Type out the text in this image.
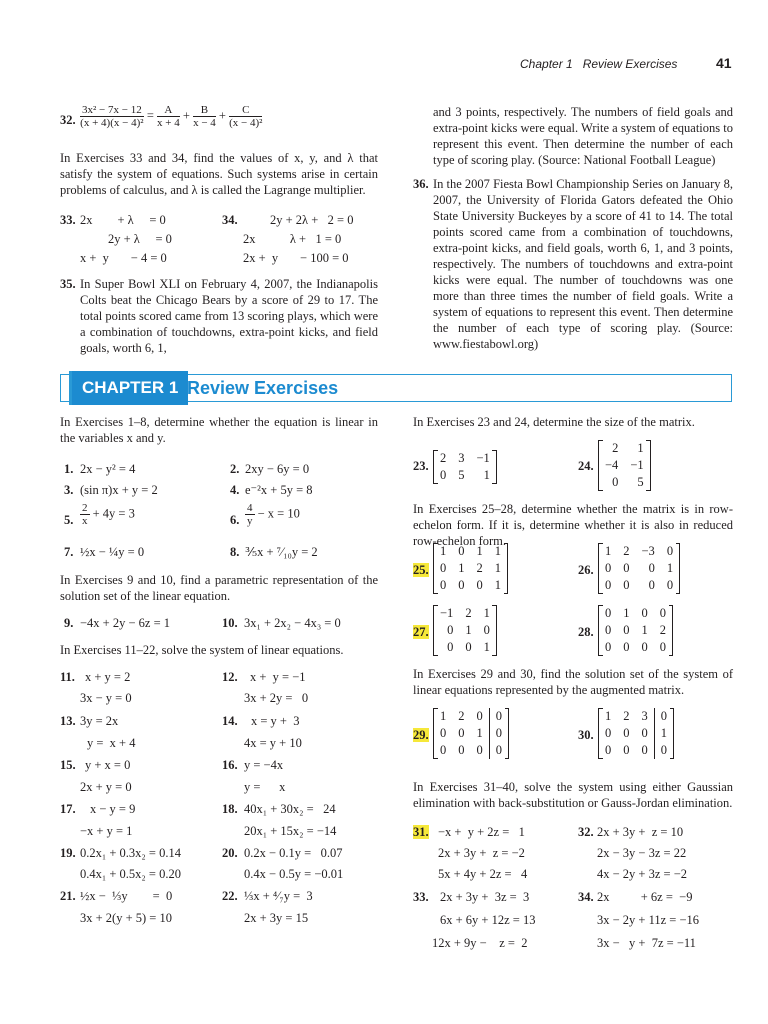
Chapter 1 Review Exercises	41
32. $\frac{\text{3x² − 7x − 12}}{\text{(x + 4)(x − 4)²}} = \frac{A}{x + 4} + \frac{B}{x - 4} + \frac{C}{\text{(x − 4)²}}$
In Exercises 33 and 34, find the values of x, y, and λ that satisfy the system of equations. Such systems arise in certain problems of calculus, and λ is called the Lagrange multiplier.
33. 2x        + λ     = 0
2y + λ     = 0
x +  y       − 4 = 0
34.	2y + 2λ +   2 = 0
2x           λ +   1 = 0
2x +  y       − 100 = 0
35. In Super Bowl XLI on February 4, 2007, the Indianapolis Colts beat the Chicago Bears by a score of 29 to 17. The total points scored came from 13 scoring plays, which were a combination of touchdowns, extra-point kicks, and field goals, worth 6, 1,
and 3 points, respectively. The numbers of field goals and extra-point kicks were equal. Write a system of equations to represent this event. Then determine the number of each type of scoring play. (Source: National Football League)
36. In the 2007 Fiesta Bowl Championship Series on January 8, 2007, the University of Florida Gators defeated the Ohio State University Buckeyes by a score of 41 to 14. The total points scored came from a combination of touchdowns, extra-point kicks, and field goals, worth 6, 1, and 3 points, respectively. The numbers of touchdowns and extra-point kicks were equal. The number of touchdowns was one more than three times the number of field goals. Write a system of equations to represent this event. Then determine the number of each type of scoring play. (Source: www.fiestabowl.org)
CHAPTER 1 Review Exercises
In Exercises 1–8, determine whether the equation is linear in the variables x and y.
1. 2x − y² = 4	2. 2xy − 6y = 0
3. (sin π)x + y = 2	4. e⁻²x + 5y = 8
5. $\frac{2}{x} + 4y = 3$	6. $\frac{4}{y} - x = 10$
7. ½x − ¼y = 0	8. ⅗x + ⁷⁄₁₀y = 2
In Exercises 9 and 10, find a parametric representation of the solution set of the linear equation.
9. −4x + 2y − 6z = 1	10. 3x₁ + 2x₂ − 4x₃ = 0
In Exercises 11–22, solve the system of linear equations.
11. x + y = 2
3x − y = 0
12. x +  y = −1
3x + 2y =   0
13. 3y = 2x
y =  x + 4
14. x = y +  3
4x = y + 10
15. y + x = 0
2x + y = 0
16. y = −4x
y =      x
17. x − y = 9
−x + y = 1
18. 40x₁ + 30x₂ =   24
20x₁ + 15x₂ = −14
19. 0.2x₁ + 0.3x₂ = 0.14
0.4x₁ + 0.5x₂ = 0.20
20. 0.2x − 0.1y =   0.07
0.4x − 0.5y = −0.01
21. ½x −  ⅓y        =  0
3x + 2(y + 5) = 10
22. ⅓x + ⁴⁄₇y =  3
2x + 3y = 15
In Exercises 23 and 24, determine the size of the matrix.
23.
2	3	−1
0	5	1

24.
2	1
−4	−1
0	5

In Exercises 25–28, determine whether the matrix is in row-echelon form. If it is, determine whether it is also in reduced row-echelon form.
25.
1	0	1	1
0	1	2	1
0	0	0	1

26.
1	2	−3	0
0	0	0	1
0	0	0	0

27.
−1	2	1
0	1	0
0	0	1

28.
0	1	0	0
0	0	1	2
0	0	0	0

In Exercises 29 and 30, find the solution set of the system of linear equations represented by the augmented matrix.
29.
1	2	0	0
0	0	1	0
0	0	0	0

30.
1	2	3	0
0	0	0	1
0	0	0	0

In Exercises 31–40, solve the system using either Gaussian elimination with back-substitution or Gauss-Jordan elimination.
31. −x +  y + 2z =   1
2x + 3y +  z = −2
5x + 4y + 2z =   4
32. 2x + 3y +  z = 10
2x − 3y − 3z = 22
4x − 2y + 3z = −2
33. 2x + 3y +  3z =  3
6x + 6y + 12z = 13
12x + 9y −    z =  2
34. 2x          + 6z =  −9
3x − 2y + 11z = −16
3x −   y +  7z = −11
